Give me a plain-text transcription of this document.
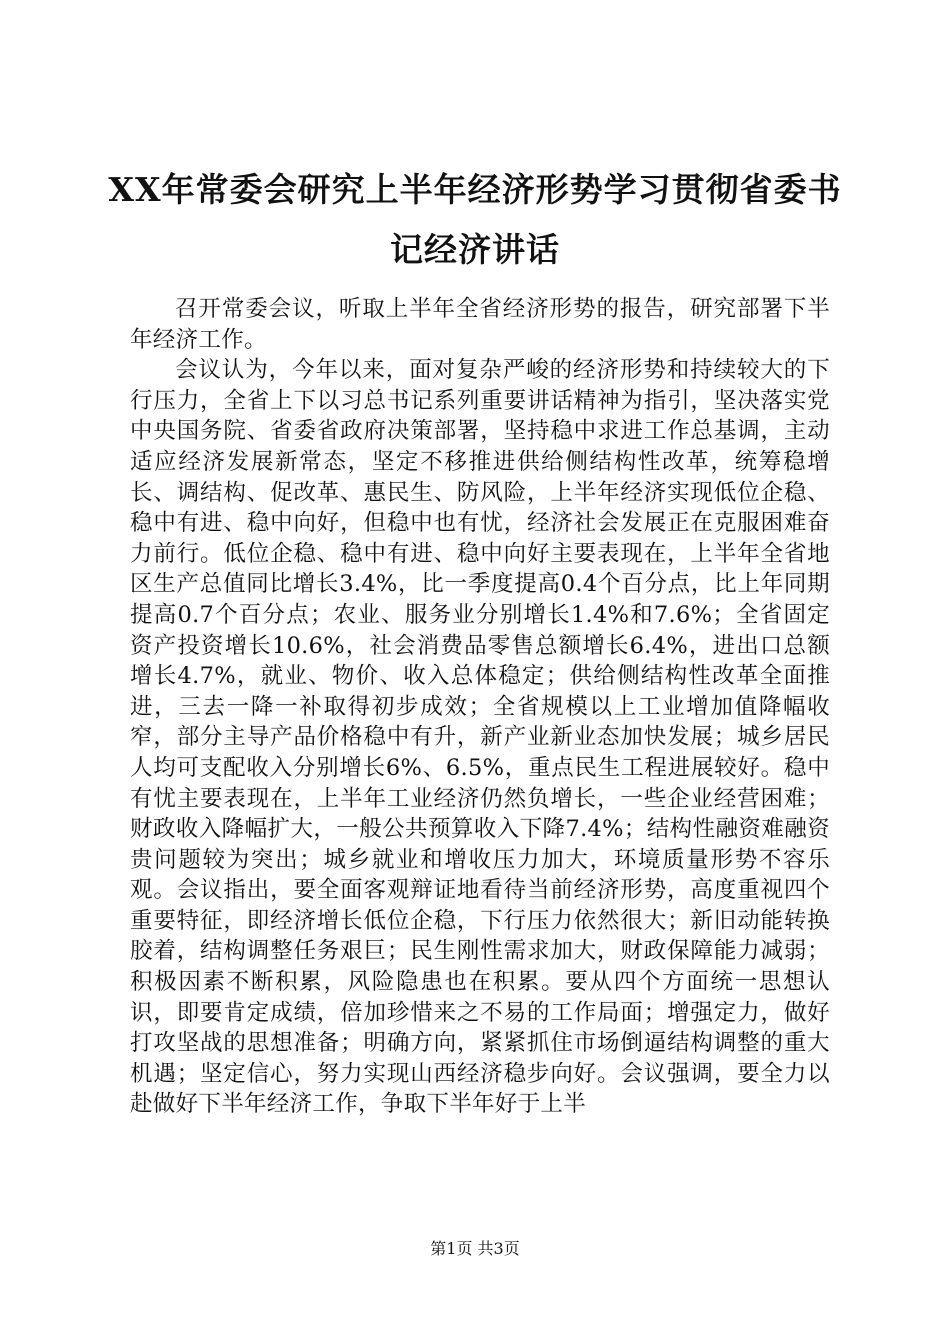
XX年常委会研究上半年经济形势学习贯彻省委书记经济讲话

召开常委会议，听取上半年全省经济形势的报告，研究部署下半年经济工作。

会议认为，今年以来，面对复杂严峻的经济形势和持续较大的下行压力，全省上下以习总书记系列重要讲话精神为指引，坚决落实党中央国务院、省委省政府决策部署，坚持稳中求进工作总基调，主动适应经济发展新常态，坚定不移推进供给侧结构性改革，统筹稳增长、调结构、促改革、惠民生、防风险，上半年经济实现低位企稳、稳中有进、稳中向好，但稳中也有忧，经济社会发展正在克服困难奋力前行。低位企稳、稳中有进、稳中向好主要表现在，上半年全省地区生产总值同比增长3.4%，比一季度提高0.4个百分点，比上年同期提高0.7个百分点；农业、服务业分别增长1.4%和7.6%；全省固定资产投资增长10.6%，社会消费品零售总额增长6.4%，进出口总额增长4.7%，就业、物价、收入总体稳定；供给侧结构性改革全面推进，三去一降一补取得初步成效；全省规模以上工业增加值降幅收窄，部分主导产品价格稳中有升，新产业新业态加快发展；城乡居民人均可支配收入分别增长6%、6.5%，重点民生工程进展较好。稳中有忧主要表现在，上半年工业经济仍然负增长，一些企业经营困难；财政收入降幅扩大，一般公共预算收入下降7.4%；结构性融资难融资贵问题较为突出；城乡就业和增收压力加大，环境质量形势不容乐观。会议指出，要全面客观辩证地看待当前经济形势，高度重视四个重要特征，即经济增长低位企稳，下行压力依然很大；新旧动能转换胶着，结构调整任务艰巨；民生刚性需求加大，财政保障能力减弱；积极因素不断积累，风险隐患也在积累。要从四个方面统一思想认识，即要肯定成绩，倍加珍惜来之不易的工作局面；增强定力，做好打攻坚战的思想准备；明确方向，紧紧抓住市场倒逼结构调整的重大机遇；坚定信心，努力实现山西经济稳步向好。会议强调，要全力以赴做好下半年经济工作，争取下半年好于上半

第1页 共3页
